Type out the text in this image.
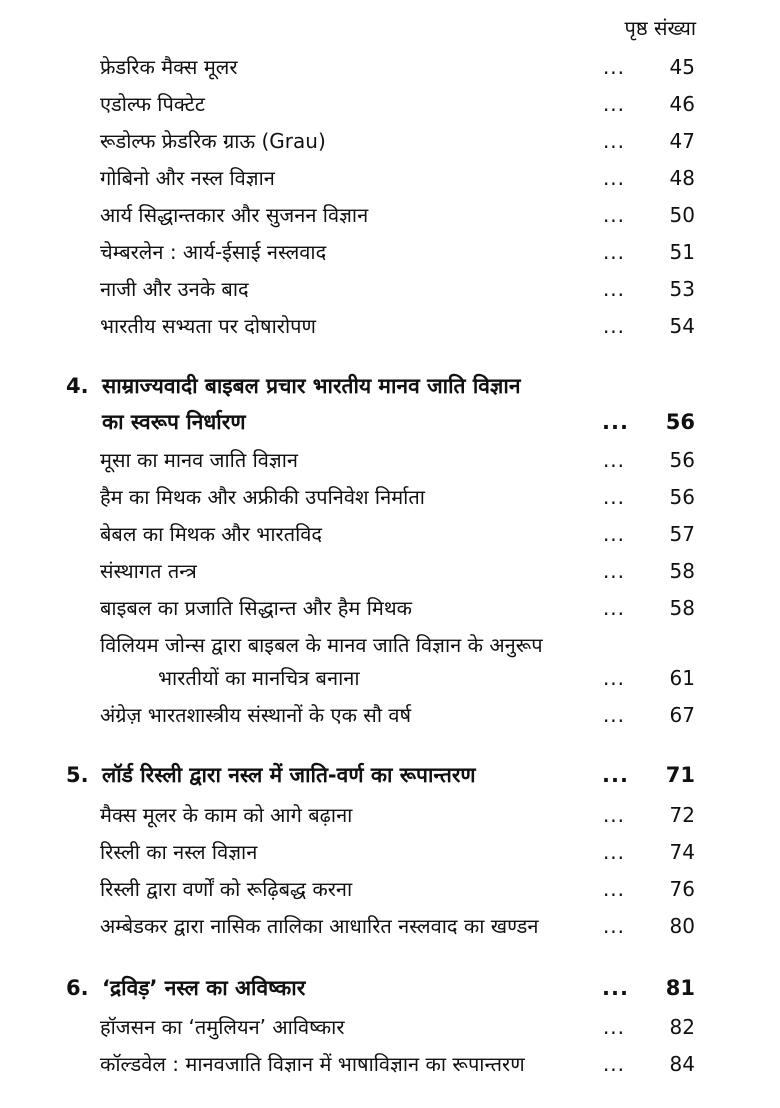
पृष्ठ संख्या
फ्रेडरिक मैक्स मूलर	... 45
एडोल्फ पिक्टेट	... 46
रूडोल्फ फ्रेडरिक ग्राऊ (Grau)	... 47
गोबिनो और नस्ल विज्ञान	... 48
आर्य सिद्धान्तकार और सुजनन विज्ञान	... 50
चेम्बरलेन : आर्य-ईसाई नस्लवाद	... 51
नाजी और उनके बाद	... 53
भारतीय सभ्यता पर दोषारोपण	... 54
4. साम्राज्यवादी बाइबल प्रचार भारतीय मानव जाति विज्ञान
का स्वरूप निर्धारण	... 56
मूसा का मानव जाति विज्ञान	... 56
हैम का मिथक और अफ्रीकी उपनिवेश निर्माता	... 56
बेबल का मिथक और भारतविद	... 57
संस्थागत तन्त्र	... 58
बाइबल का प्रजाति सिद्धान्त और हैम मिथक	... 58
विलियम जोन्स द्वारा बाइबल के मानव जाति विज्ञान के अनुरूप
भारतीयों का मानचित्र बनाना	... 61
अंग्रेज़ भारतशास्त्रीय संस्थानों के एक सौ वर्ष	... 67
5. लॉर्ड रिस्ली द्वारा नस्ल में जाति-वर्ण का रूपान्तरण	... 71
मैक्स मूलर के काम को आगे बढ़ाना	... 72
रिस्ली का नस्ल विज्ञान	... 74
रिस्ली द्वारा वर्णों को रूढ़िबद्ध करना	... 76
अम्बेडकर द्वारा नासिक तालिका आधारित नस्लवाद का खण्डन	... 80
6. ‘द्रविड़’ नस्ल का अविष्कार	... 81
हॉजसन का ‘तमुलियन’ आविष्कार	... 82
कॉल्डवेल : मानवजाति विज्ञान में भाषाविज्ञान का रूपान्तरण	... 84
